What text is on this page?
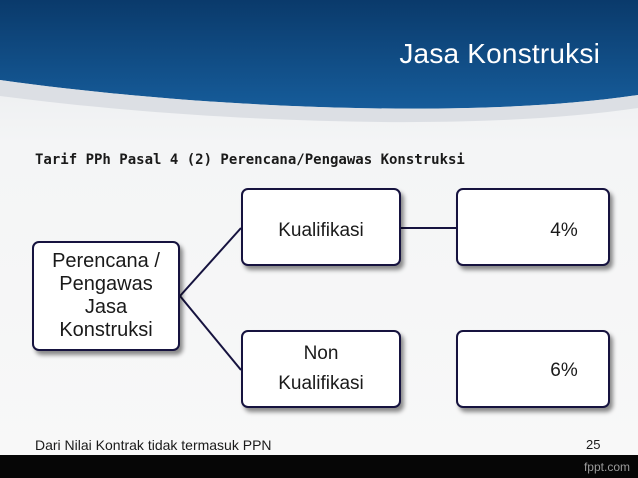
Jasa Konstruksi
Tarif PPh Pasal 4 (2) Perencana/Pengawas Konstruksi
Perencana /
Pengawas
Jasa
Konstruksi
Kualifikasi
Non
Kualifikasi
4%
6%
Dari Nilai Kontrak tidak termasuk PPN	25
fppt.com
